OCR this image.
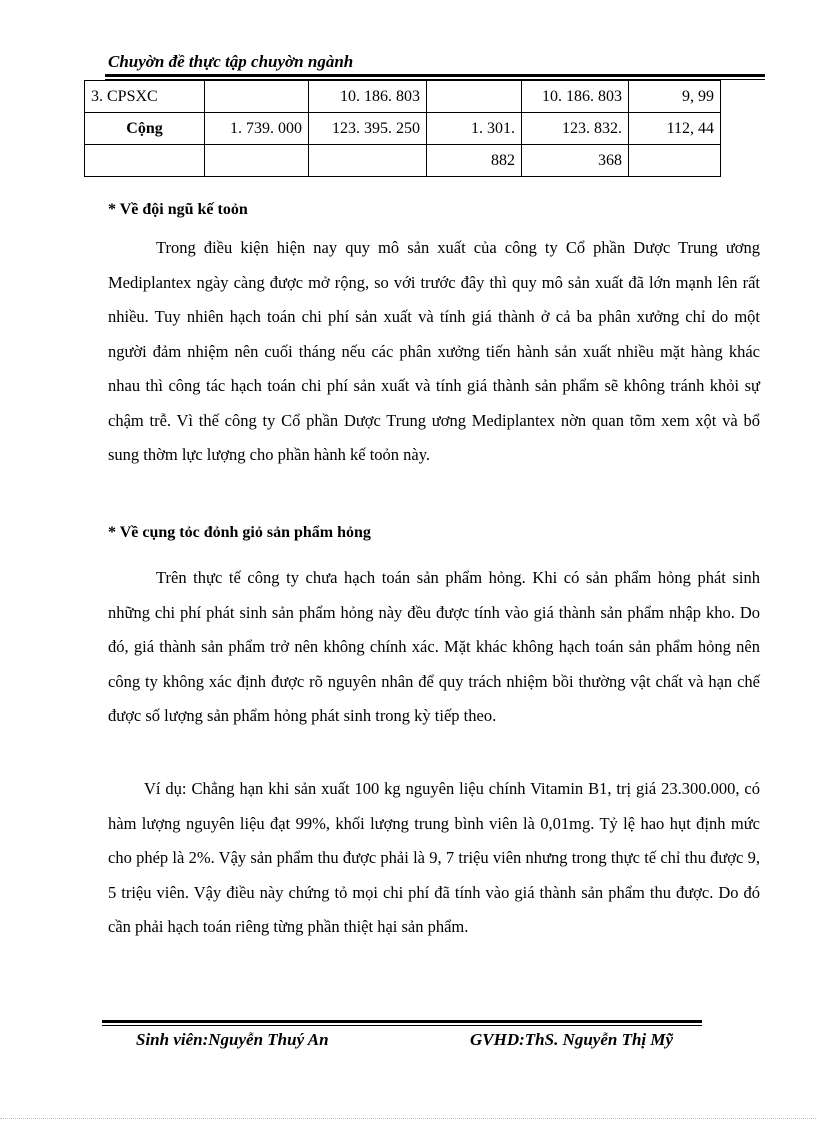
Chuyờn đề thực tập chuyờn ngành
3. CPSXC		10. 186. 803		10. 186. 803	9, 99
Cộng	1. 739. 000	123. 395. 250	1. 301.	123. 832.	112, 44
			882	368	
* Về đội ngũ kế toỏn

Trong điều kiện hiện nay quy mô sản xuất của công ty Cổ phần Dược Trung ương Mediplantex ngày càng được mở rộng, so với trước đây thì quy mô sản xuất đã lớn mạnh lên rất nhiều. Tuy nhiên hạch toán chi phí sản xuất và tính giá thành ở cả ba phân xưởng chỉ do một người đảm nhiệm nên cuối tháng nếu các phân xưởng tiến hành sản xuất nhiều mặt hàng khác nhau thì công tác hạch toán chi phí sản xuất và tính giá thành sản phẩm sẽ không tránh khỏi sự chậm trễ. Vì thế công ty Cổ phần Dược Trung ương Mediplantex nờn quan tõm xem xột và bổ sung thờm lực lượng cho phần hành kế toỏn này.

* Về cụng tỏc đỏnh giỏ sản phẩm hỏng

Trên thực tế công ty chưa hạch toán sản phẩm hỏng. Khi có sản phẩm hỏng phát sinh những chi phí phát sinh sản phẩm hỏng này đều được tính vào giá thành sản phẩm nhập kho. Do đó, giá thành sản phẩm trở nên không chính xác. Mặt khác không hạch toán sản phẩm hỏng nên công ty không xác định được rõ nguyên nhân để quy trách nhiệm bồi thường vật chất và hạn chế được số lượng sản phẩm hỏng phát sinh trong kỳ tiếp theo.

Ví dụ: Chẳng hạn khi sản xuất 100 kg nguyên liệu chính Vitamin B1, trị giá 23.300.000, có hàm lượng nguyên liệu đạt 99%, khối lượng trung bình viên là 0,01mg. Tỷ lệ hao hụt định mức cho phép là 2%. Vậy sản phẩm thu được phải là 9, 7 triệu viên nhưng trong thực tế chỉ thu được 9, 5 triệu viên. Vậy điều này chứng tỏ mọi chi phí đã tính vào giá thành sản phẩm thu được. Do đó cần phải hạch toán riêng từng phần thiệt hại sản phẩm.

Sinh viên:Nguyễn Thuý An	GVHD:ThS. Nguyễn Thị Mỹ
